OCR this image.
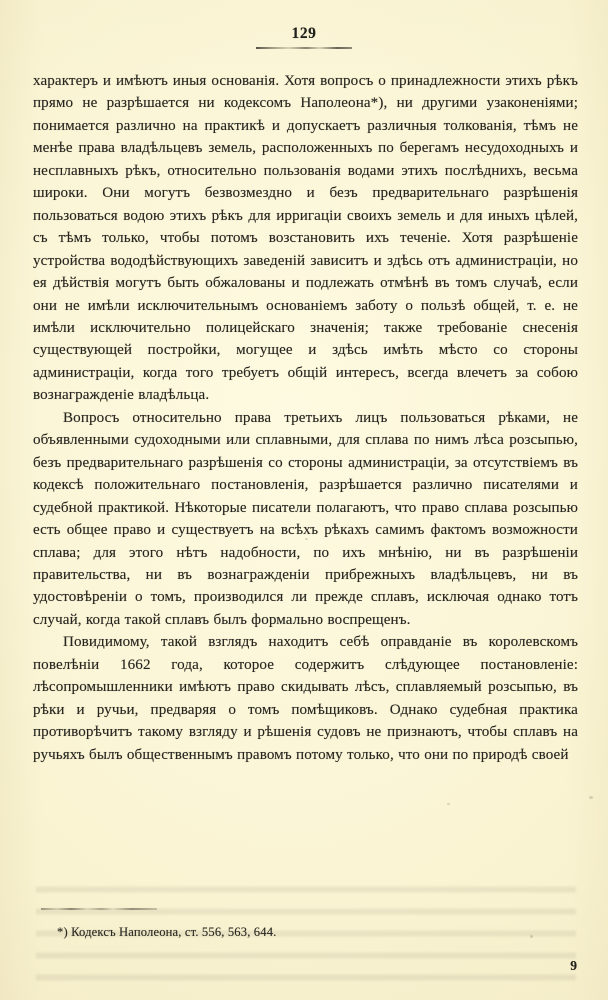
129

характеръ и имѣютъ иныя основанія. Хотя вопросъ о принадлежности этихъ рѣкъ прямо не разрѣшается ни кодексомъ Наполеона*), ни другими узаконеніями; понимается различно на практикѣ и допускаетъ различныя толкованія, тѣмъ не менѣе права владѣльцевъ земель, расположенныхъ по берегамъ несудоходныхъ и несплавныхъ рѣкъ, относительно пользованія водами этихъ послѣднихъ, весьма широки. Они могутъ безвозмездно и безъ предварительнаго разрѣшенія пользоваться водою этихъ рѣкъ для ирригаціи своихъ земель и для иныхъ цѣлей, съ тѣмъ только, чтобы потомъ возстановить ихъ теченіе. Хотя разрѣшеніе устройства вододѣйствующихъ заведеній зависитъ и здѣсь отъ администраціи, но ея дѣйствія могутъ быть обжалованы и подлежать отмѣнѣ въ томъ случаѣ, если они не имѣли исключительнымъ основаніемъ заботу о пользѣ общей, т. е. не имѣли исключительно полицейскаго значенія; также требованіе снесенія существующей постройки, могущее и здѣсь имѣть мѣсто со стороны администраціи, когда того требуетъ общій интересъ, всегда влечетъ за собою вознагражденіе владѣльца.

Вопросъ относительно права третьихъ лицъ пользоваться рѣками, не объявленными судоходными или сплавными, для сплава по нимъ лѣса розсыпью, безъ предварительнаго разрѣшенія со стороны администраціи, за отсутствіемъ въ кодексѣ положительнаго постановленія, разрѣшается различно писателями и судебной практикой. Нѣкоторые писатели полагаютъ, что право сплава розсыпью есть общее право и существуетъ на всѣхъ рѣкахъ самимъ фактомъ возможности сплава; для этого нѣтъ надобности, по ихъ мнѣнію, ни въ разрѣшеніи правительства, ни въ вознагражденіи прибрежныхъ владѣльцевъ, ни въ удостовѣреніи о томъ, производился ли прежде сплавъ, исключая однако тотъ случай, когда такой сплавъ былъ формально воспрещенъ.

Повидимому, такой взглядъ находитъ себѣ оправданіе въ королевскомъ повелѣніи 1662 года, которое содержитъ слѣдующее постановленіе: лѣсопромышленники имѣютъ право скидывать лѣсъ, сплавляемый розсыпью, въ рѣки и ручьи, предваряя о томъ помѣщиковъ. Однако судебная практика противорѣчитъ такому взгляду и рѣшенія судовъ не признаютъ, чтобы сплавъ на ручьяхъ былъ общественнымъ правомъ потому только, что они по природѣ своей

*) Кодексъ Наполеона, ст. 556, 563, 644.

9
